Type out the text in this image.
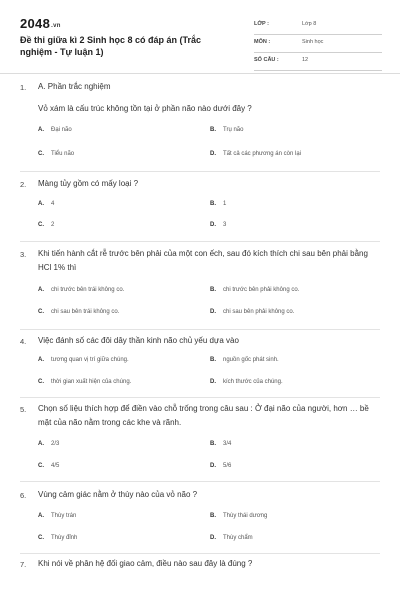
2048.vn
Đề thi giữa kì 2 Sinh học 8 có đáp án (Trắc nghiệm - Tự luận 1)
LỚP :	Lớp 8
MÔN :	Sinh học
SỐ CÂU :	12
1. A. Phần trắc nghiệm
Vỏ xám là cấu trúc không tồn tại ở phần não nào dưới đây ?
A. Đại não	B. Trụ não
C. Tiểu não	D. Tất cả các phương án còn lại
2. Màng tủy gồm có mấy loại ?
A. 4	B. 1
C. 2	D. 3
3. Khi tiến hành cắt rễ trước bên phải của một con ếch, sau đó kích thích chi sau bên phải bằng HCl 1% thì
A. chi trước bên trái không co.	B. chi trước bên phải không co.
C. chi sau bên trái không co.	D. chi sau bên phải không co.
4. Việc đánh số các đôi dây thần kinh não chủ yếu dựa vào
A. tương quan vị trí giữa chúng.	B. nguồn gốc phát sinh.
C. thời gian xuất hiện của chúng.	D. kích thước của chúng.
5. Chọn số liệu thích hợp để điền vào chỗ trống trong câu sau : Ở đại não của người, hơn … bề mặt của não nằm trong các khe và rãnh.
A. 2/3	B. 3/4
C. 4/5	D. 5/6
6. Vùng cảm giác nằm ở thùy nào của vỏ não ?
A. Thùy trán	B. Thùy thái dương
C. Thùy đỉnh	D. Thùy chẩm
7. Khi nói về phân hệ đối giao cảm, điều nào sau đây là đúng ?
